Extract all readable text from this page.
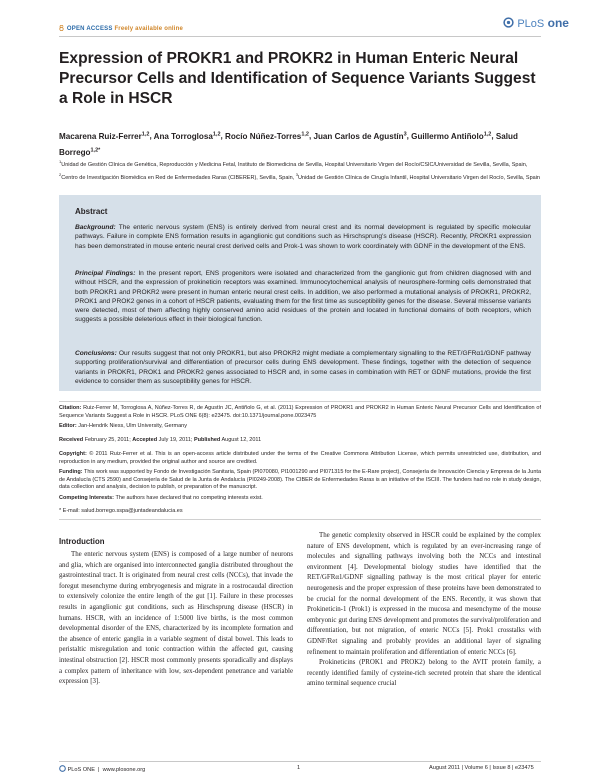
OPEN ACCESS Freely available online	PLoS one
Expression of PROKR1 and PROKR2 in Human Enteric Neural Precursor Cells and Identification of Sequence Variants Suggest a Role in HSCR
Macarena Ruiz-Ferrer$^{1,2}$, Ana Torroglosa$^{1,2}$, Rocío Núñez-Torres$^{1,2}$, Juan Carlos de Agustín$^3$, Guillermo Antiñolo$^{1,2}$, Salud Borrego$^{1,2*}$
$^1$Unidad de Gestión Clínica de Genética, Reproducción y Medicina Fetal, Instituto de Biomedicina de Sevilla, Hospital Universitario Virgen del Rocío/CSIC/Universidad de Sevilla, Sevilla, Spain, $^2$Centro de Investigación Biomédica en Red de Enfermedades Raras (CIBERER), Sevilla, Spain, $^3$Unidad de Gestión Clínica de Cirugía Infantil, Hospital Universitario Virgen del Rocío, Sevilla, Spain
Abstract
Background: The enteric nervous system (ENS) is entirely derived from neural crest and its normal development is regulated by specific molecular pathways. Failure in complete ENS formation results in aganglionic gut conditions such as Hirschsprung's disease (HSCR). Recently, PROKR1 expression has been demonstrated in mouse enteric neural crest derived cells and Prok-1 was shown to work coordinately with GDNF in the development of the ENS.
Principal Findings: In the present report, ENS progenitors were isolated and characterized from the ganglionic gut from children diagnosed with and without HSCR, and the expression of prokineticin receptors was examined. Immunocytochemical analysis of neurosphere-forming cells demonstrated that both PROKR1 and PROKR2 were present in human enteric neural crest cells. In addition, we also performed a mutational analysis of PROKR1, PROKR2, PROK1 and PROK2 genes in a cohort of HSCR patients, evaluating them for the first time as susceptibility genes for the disease. Several missense variants were detected, most of them affecting highly conserved amino acid residues of the protein and located in functional domains of both receptors, which suggests a possible deleterious effect in their biological function.
Conclusions: Our results suggest that not only PROKR1, but also PROKR2 might mediate a complementary signalling to the RET/GFRα1/GDNF pathway supporting proliferation/survival and differentiation of precursor cells during ENS development. These findings, together with the detection of sequence variants in PROKR1, PROK1 and PROKR2 genes associated to HSCR and, in some cases in combination with RET or GDNF mutations, provide the first evidence to consider them as susceptibility genes for HSCR.
Citation: Ruiz-Ferrer M, Torroglosa A, Núñez-Torres R, de Agustín JC, Antiñolo G, et al. (2011) Expression of PROKR1 and PROKR2 in Human Enteric Neural Precursor Cells and Identification of Sequence Variants Suggest a Role in HSCR. PLoS ONE 6(8): e23475. doi:10.1371/journal.pone.0023475
Editor: Jan-Hendrik Niess, Ulm University, Germany
Received February 25, 2011; Accepted July 19, 2011; Published August 12, 2011
Copyright: © 2011 Ruiz-Ferrer et al. This is an open-access article distributed under the terms of the Creative Commons Attribution License, which permits unrestricted use, distribution, and reproduction in any medium, provided the original author and source are credited.
Funding: This work was supported by Fondo de Investigación Sanitaria, Spain (PI070080, PI1001290 and PI071315 for the E-Rare project), Consejería de Innovación Ciencia y Empresa de la Junta de Andalucía (CTS 2590) and Consejería de Salud de la Junta de Andalucía (PI0249-2008). The CIBER de Enfermedades Raras is an initiative of the ISCIII. The funders had no role in study design, data collection and analysis, decision to publish, or preparation of the manuscript.
Competing Interests: The authors have declared that no competing interests exist.
* E-mail: salud.borrego.sspa@juntadeandalucia.es
Introduction
The enteric nervous system (ENS) is composed of a large number of neurons and glia, which are organised into interconnected ganglia distributed throughout the gastrointestinal tract. It is originated from neural crest cells (NCCs), that invade the foregut mesenchyme during embryogenesis and migrate in a rostrocaudal direction to extensively colonize the entire length of the gut [1]. Failure in these processes results in aganglionic gut conditions, such as Hirschsprung disease (HSCR) in humans. HSCR, with an incidence of 1:5000 live births, is the most common developmental disorder of the ENS, characterized by its incomplete formation and the absence of enteric ganglia in a variable segment of distal bowel. This leads to peristaltic misregulation and tonic contraction within the affected gut, causing intestinal obstruction [2]. HSCR most commonly presents sporadically and displays a complex pattern of inheritance with low, sex-dependent penetrance and variable expression [3].
The genetic complexity observed in HSCR could be explained by the complex nature of ENS development, which is regulated by an ever-increasing range of molecules and signalling pathways involving both the NCCs and intestinal environment [4]. Developmental biology studies have identified that the RET/GFRα1/GDNF signalling pathway is the most critical player for enteric neurogenesis and the proper expression of these proteins have been demonstrated to be crucial for the normal development of the ENS. Recently, it was shown that Prokineticin-1 (Prok1) is expressed in the mucosa and mesenchyme of the mouse embryonic gut during ENS development and promotes the survival/proliferation and differentiation, but not migration, of enteric NCCs [5]. Prok1 crosstalks with GDNF/Ret signaling and probably provides an additional layer of signaling refinement to maintain proliferation and differentiation of enteric NCCs [6].
Prokineticins (PROK1 and PROK2) belong to the AVIT protein family, a recently identified family of cysteine-rich secreted protein that share the identical amino terminal sequence crucial
PLoS ONE  |  www.plosone.org	1	August 2011 | Volume 6 | Issue 8 | e23475
